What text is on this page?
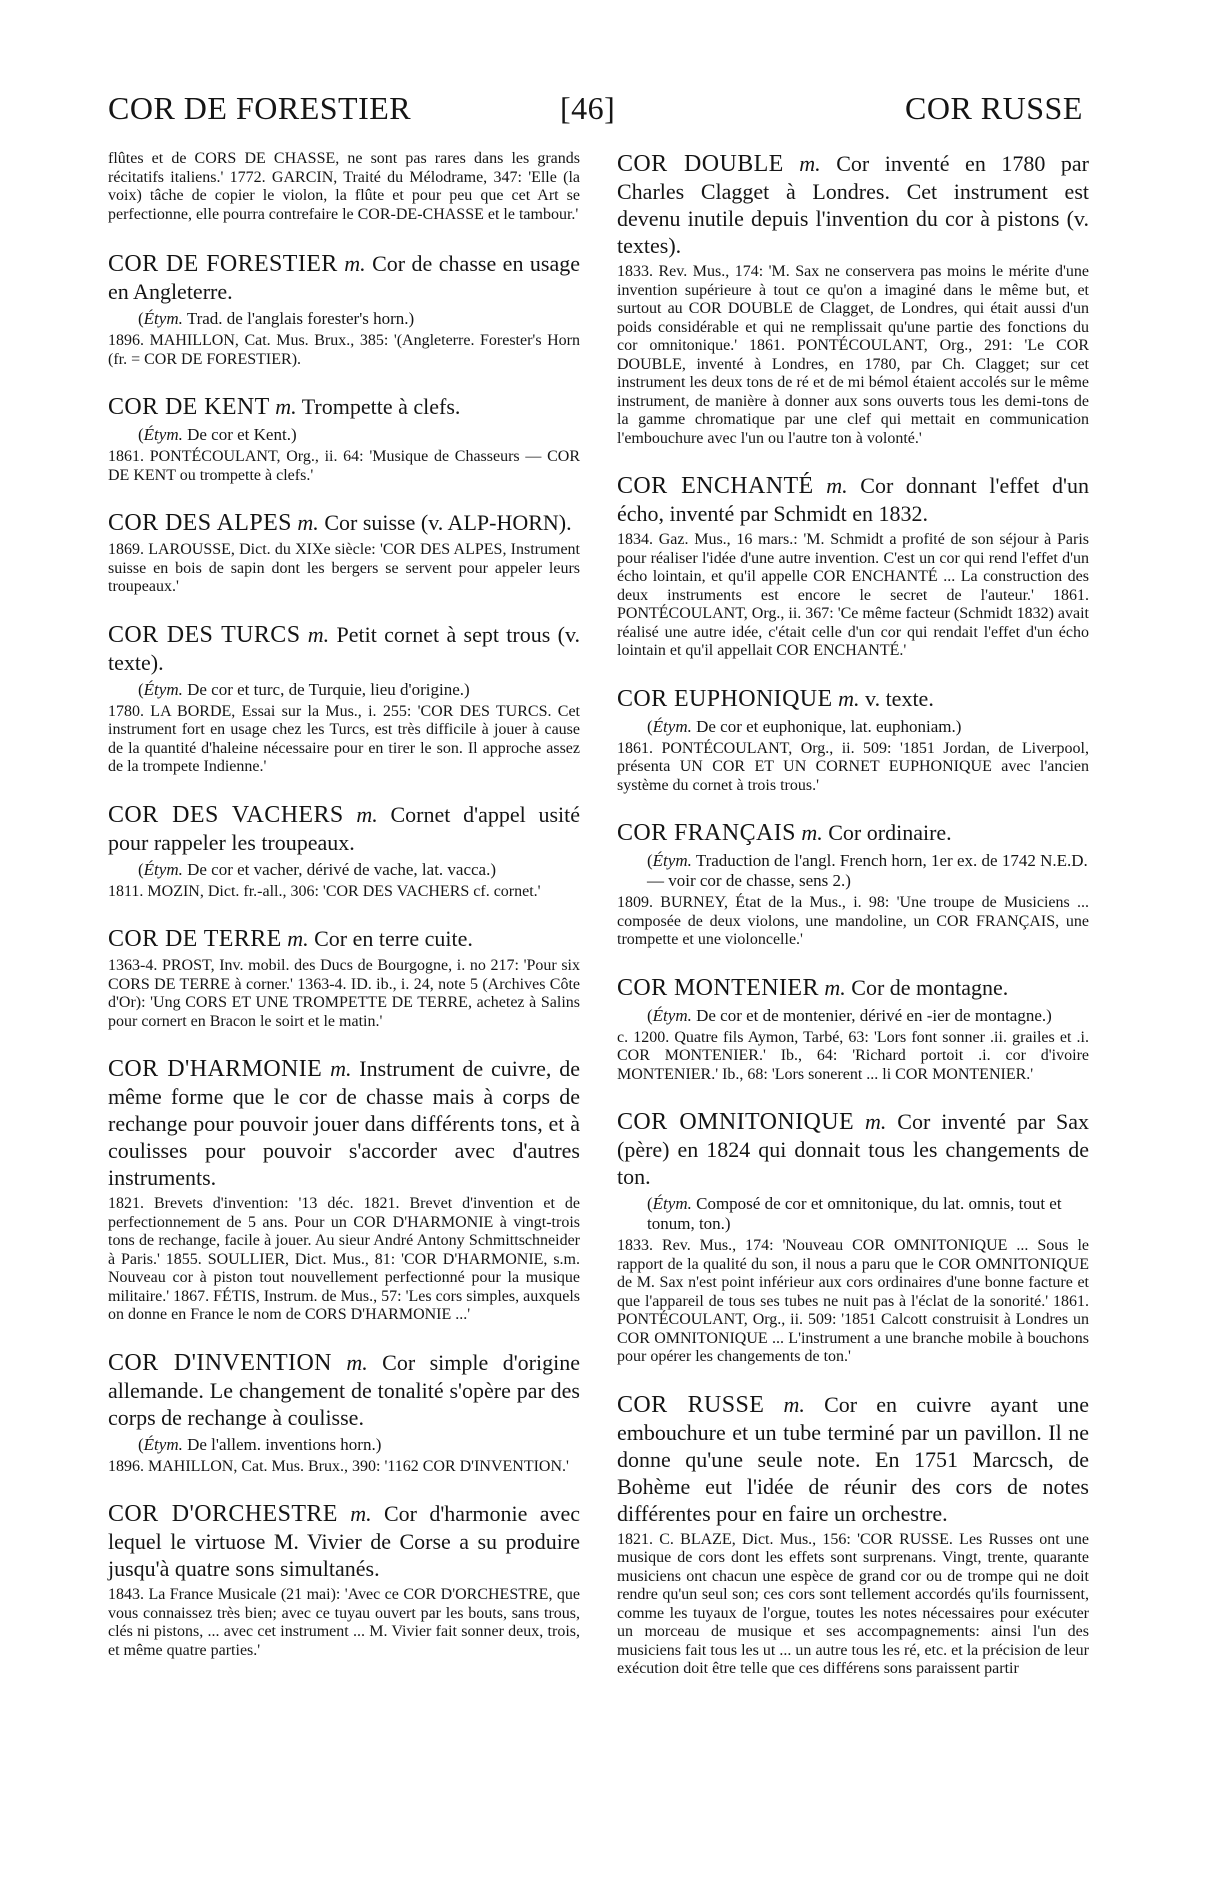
COR DE FORESTIER	[46]	COR RUSSE

flûtes et de CORS DE CHASSE, ne sont pas rares dans les grands récitatifs italiens.' 1772. GARCIN, Traité du Mélodrame, 347: 'Elle (la voix) tâche de copier le violon, la flûte et pour peu que cet Art se perfectionne, elle pourra contrefaire le COR-DE-CHASSE et le tambour.'

COR DE FORESTIER m. Cor de chasse en usage en Angleterre.

(Étym. Trad. de l'anglais forester's horn.)

1896. MAHILLON, Cat. Mus. Brux., 385: '(Angleterre. Forester's Horn (fr. = COR DE FORESTIER).

COR DE KENT m. Trompette à clefs.

(Étym. De cor et Kent.)

1861. PONTÉCOULANT, Org., ii. 64: 'Musique de Chasseurs — COR DE KENT ou trompette à clefs.'

COR DES ALPES m. Cor suisse (v. ALP-HORN).

1869. LAROUSSE, Dict. du XIXe siècle: 'COR DES ALPES, Instrument suisse en bois de sapin dont les bergers se servent pour appeler leurs troupeaux.'

COR DES TURCS m. Petit cornet à sept trous (v. texte).

(Étym. De cor et turc, de Turquie, lieu d'origine.)

1780. LA BORDE, Essai sur la Mus., i. 255: 'COR DES TURCS. Cet instrument fort en usage chez les Turcs, est très difficile à jouer à cause de la quantité d'haleine nécessaire pour en tirer le son. Il approche assez de la trompete Indienne.'

COR DES VACHERS m. Cornet d'appel usité pour rappeler les troupeaux.

(Étym. De cor et vacher, dérivé de vache, lat. vacca.)

1811. MOZIN, Dict. fr.-all., 306: 'COR DES VACHERS cf. cornet.'

COR DE TERRE m. Cor en terre cuite.

1363-4. PROST, Inv. mobil. des Ducs de Bourgogne, i. no 217: 'Pour six CORS DE TERRE à corner.' 1363-4. ID. ib., i. 24, note 5 (Archives Côte d'Or): 'Ung CORS ET UNE TROMPETTE DE TERRE, achetez à Salins pour cornert en Bracon le soirt et le matin.'

COR D'HARMONIE m. Instrument de cuivre, de même forme que le cor de chasse mais à corps de rechange pour pouvoir jouer dans différents tons, et à coulisses pour pouvoir s'accorder avec d'autres instruments.

1821. Brevets d'invention: '13 déc. 1821. Brevet d'invention et de perfectionnement de 5 ans. Pour un COR D'HARMONIE à vingt-trois tons de rechange, facile à jouer. Au sieur André Antony Schmittschneider à Paris.' 1855. SOULLIER, Dict. Mus., 81: 'COR D'HARMONIE, s.m. Nouveau cor à piston tout nouvellement perfectionné pour la musique militaire.' 1867. FÉTIS, Instrum. de Mus., 57: 'Les cors simples, auxquels on donne en France le nom de CORS D'HARMONIE ...'

COR D'INVENTION m. Cor simple d'origine allemande. Le changement de tonalité s'opère par des corps de rechange à coulisse.

(Étym. De l'allem. inventions horn.)

1896. MAHILLON, Cat. Mus. Brux., 390: '1162 COR D'INVENTION.'

COR D'ORCHESTRE m. Cor d'harmonie avec lequel le virtuose M. Vivier de Corse a su produire jusqu'à quatre sons simultanés.

1843. La France Musicale (21 mai): 'Avec ce COR D'ORCHESTRE, que vous connaissez très bien; avec ce tuyau ouvert par les bouts, sans trous, clés ni pistons, ... avec cet instrument ... M. Vivier fait sonner deux, trois, et même quatre parties.'

COR DOUBLE m. Cor inventé en 1780 par Charles Clagget à Londres. Cet instrument est devenu inutile depuis l'invention du cor à pistons (v. textes).

1833. Rev. Mus., 174: 'M. Sax ne conservera pas moins le mérite d'une invention supérieure à tout ce qu'on a imaginé dans le même but, et surtout au COR DOUBLE de Clagget, de Londres, qui était aussi d'un poids considérable et qui ne remplissait qu'une partie des fonctions du cor omnitonique.' 1861. PONTÉCOULANT, Org., 291: 'Le COR DOUBLE, inventé à Londres, en 1780, par Ch. Clagget; sur cet instrument les deux tons de ré et de mi bémol étaient accolés sur le même instrument, de manière à donner aux sons ouverts tous les demi-tons de la gamme chromatique par une clef qui mettait en communication l'embouchure avec l'un ou l'autre ton à volonté.'

COR ENCHANTÉ m. Cor donnant l'effet d'un écho, inventé par Schmidt en 1832.

1834. Gaz. Mus., 16 mars.: 'M. Schmidt a profité de son séjour à Paris pour réaliser l'idée d'une autre invention. C'est un cor qui rend l'effet d'un écho lointain, et qu'il appelle COR ENCHANTÉ ... La construction des deux instruments est encore le secret de l'auteur.' 1861. PONTÉCOULANT, Org., ii. 367: 'Ce même facteur (Schmidt 1832) avait réalisé une autre idée, c'était celle d'un cor qui rendait l'effet d'un écho lointain et qu'il appellait COR ENCHANTÉ.'

COR EUPHONIQUE m. v. texte.

(Étym. De cor et euphonique, lat. euphoniam.)

1861. PONTÉCOULANT, Org., ii. 509: '1851 Jordan, de Liverpool, présenta UN COR ET UN CORNET EUPHONIQUE avec l'ancien système du cornet à trois trous.'

COR FRANÇAIS m. Cor ordinaire.

(Étym. Traduction de l'angl. French horn, 1er ex. de 1742 N.E.D. — voir cor de chasse, sens 2.)

1809. BURNEY, État de la Mus., i. 98: 'Une troupe de Musiciens ... composée de deux violons, une mandoline, un COR FRANÇAIS, une trompette et une violoncelle.'

COR MONTENIER m. Cor de montagne.

(Étym. De cor et de montenier, dérivé en -ier de montagne.)

c. 1200. Quatre fils Aymon, Tarbé, 63: 'Lors font sonner .ii. grailes et .i. COR MONTENIER.' Ib., 64: 'Richard portoit .i. cor d'ivoire MONTENIER.' Ib., 68: 'Lors sonerent ... li COR MONTENIER.'

COR OMNITONIQUE m. Cor inventé par Sax (père) en 1824 qui donnait tous les changements de ton.

(Étym. Composé de cor et omnitonique, du lat. omnis, tout et tonum, ton.)

1833. Rev. Mus., 174: 'Nouveau COR OMNITONIQUE ... Sous le rapport de la qualité du son, il nous a paru que le COR OMNITONIQUE de M. Sax n'est point inférieur aux cors ordinaires d'une bonne facture et que l'appareil de tous ses tubes ne nuit pas à l'éclat de la sonorité.' 1861. PONTÉCOULANT, Org., ii. 509: '1851 Calcott construisit à Londres un COR OMNITONIQUE ... L'instrument a une branche mobile à bouchons pour opérer les changements de ton.'

COR RUSSE m. Cor en cuivre ayant une embouchure et un tube terminé par un pavillon. Il ne donne qu'une seule note. En 1751 Marcsch, de Bohème eut l'idée de réunir des cors de notes différentes pour en faire un orchestre.

1821. C. BLAZE, Dict. Mus., 156: 'COR RUSSE. Les Russes ont une musique de cors dont les effets sont surprenans. Vingt, trente, quarante musiciens ont chacun une espèce de grand cor ou de trompe qui ne doit rendre qu'un seul son; ces cors sont tellement accordés qu'ils fournissent, comme les tuyaux de l'orgue, toutes les notes nécessaires pour exécuter un morceau de musique et ses accompagnements: ainsi l'un des musiciens fait tous les ut ... un autre tous les ré, etc. et la précision de leur exécution doit être telle que ces différens sons paraissent partir
